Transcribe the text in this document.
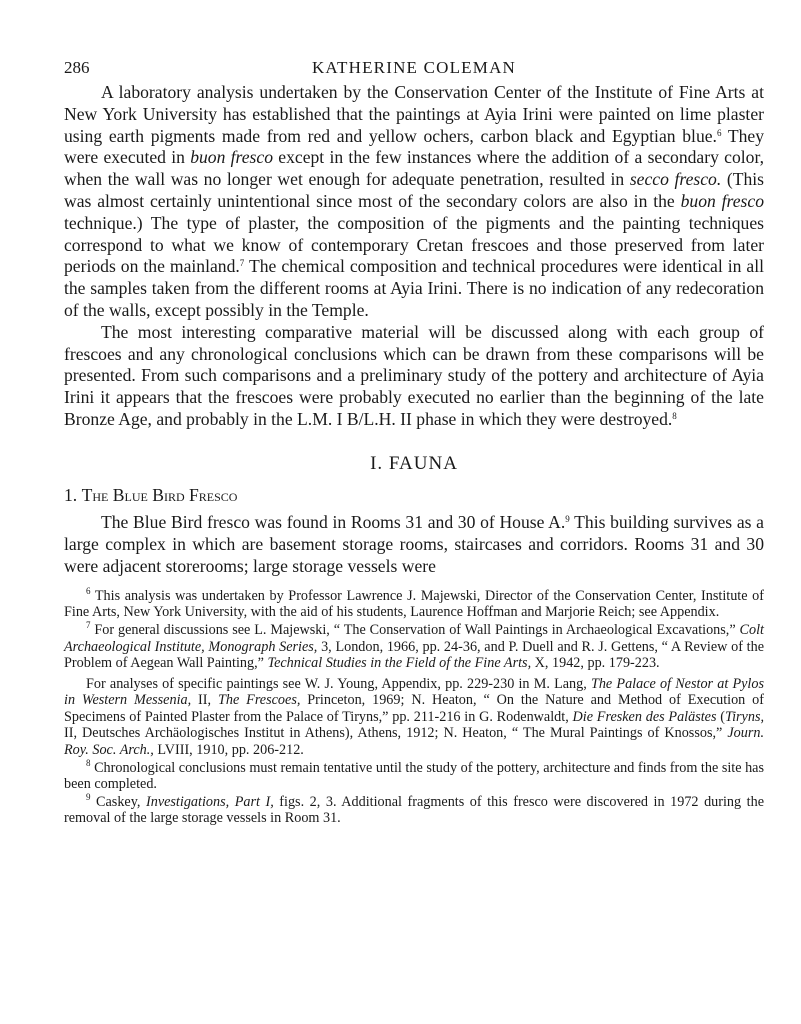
286	KATHERINE COLEMAN

A laboratory analysis undertaken by the Conservation Center of the Institute of Fine Arts at New York University has established that the paintings at Ayia Irini were painted on lime plaster using earth pigments made from red and yellow ochers, carbon black and Egyptian blue.$^6$ They were executed in buon fresco except in the few instances where the addition of a secondary color, when the wall was no longer wet enough for adequate penetration, resulted in secco fresco. (This was almost certainly unintentional since most of the secondary colors are also in the buon fresco technique.) The type of plaster, the composition of the pigments and the painting techniques correspond to what we know of contemporary Cretan frescoes and those preserved from later periods on the mainland.$^7$ The chemical composition and technical procedures were identical in all the samples taken from the different rooms at Ayia Irini. There is no indication of any redecoration of the walls, except possibly in the Temple.

The most interesting comparative material will be discussed along with each group of frescoes and any chronological conclusions which can be drawn from these comparisons will be presented. From such comparisons and a preliminary study of the pottery and architecture of Ayia Irini it appears that the frescoes were probably executed no earlier than the beginning of the late Bronze Age, and probably in the L.M. I B/L.H. II phase in which they were destroyed.$^8$

I. FAUNA
1. The Blue Bird Fresco

The Blue Bird fresco was found in Rooms 31 and 30 of House A.$^9$ This building survives as a large complex in which are basement storage rooms, staircases and corridors. Rooms 31 and 30 were adjacent storerooms; large storage vessels were

$^6$ This analysis was undertaken by Professor Lawrence J. Majewski, Director of the Conservation Center, Institute of Fine Arts, New York University, with the aid of his students, Laurence Hoffman and Marjorie Reich; see Appendix.

$^7$ For general discussions see L. Majewski, “ The Conservation of Wall Paintings in Archaeological Excavations,” Colt Archaeological Institute, Monograph Series, 3, London, 1966, pp. 24-36, and P. Duell and R. J. Gettens, “ A Review of the Problem of Aegean Wall Painting,” Technical Studies in the Field of the Fine Arts, X, 1942, pp. 179-223.

For analyses of specific paintings see W. J. Young, Appendix, pp. 229-230 in M. Lang, The Palace of Nestor at Pylos in Western Messenia, II, The Frescoes, Princeton, 1969; N. Heaton, “ On the Nature and Method of Execution of Specimens of Painted Plaster from the Palace of Tiryns,” pp. 211-216 in G. Rodenwaldt, Die Fresken des Palästes (Tiryns, II, Deutsches Archäologisches Institut in Athens), Athens, 1912; N. Heaton, “ The Mural Paintings of Knossos,” Journ. Roy. Soc. Arch., LVIII, 1910, pp. 206-212.

$^8$ Chronological conclusions must remain tentative until the study of the pottery, architecture and finds from the site has been completed.

$^9$ Caskey, Investigations, Part I, figs. 2, 3. Additional fragments of this fresco were discovered in 1972 during the removal of the large storage vessels in Room 31.
